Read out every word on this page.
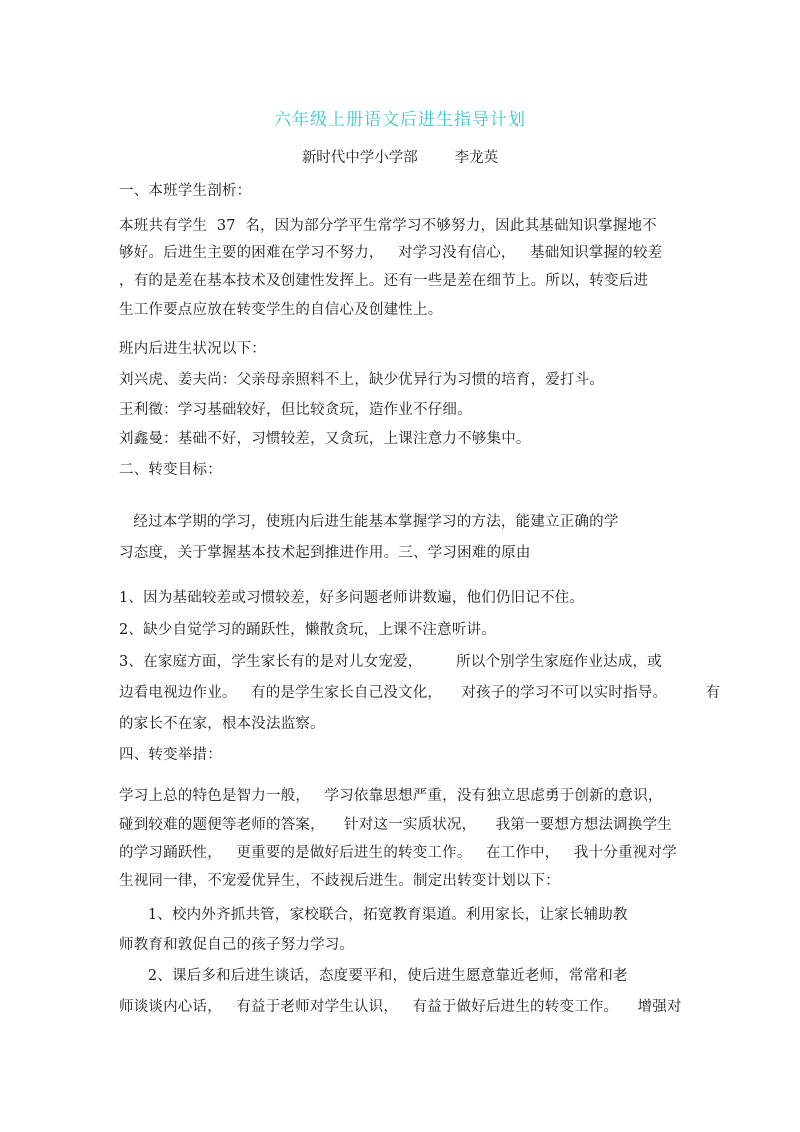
六年级上册语文后进生指导计划
新时代中学小学部        李龙英
一、本班学生剖析：
本班共有学生  37  名，因为部分学平生常学习不够努力，因此其基础知识掌握地不
够好。后进生主要的困难在学习不努力，   对学习没有信心，   基础知识掌握的较差
，有的是差在基本技术及创建性发挥上。还有一些是差在细节上。所以，转变后进
生工作要点应放在转变学生的自信心及创建性上。
班内后进生状况以下：
刘兴虎、姜夫尚：父亲母亲照料不上，缺少优异行为习惯的培育，爱打斗。
王利徵：学习基础较好，但比较贪玩，造作业不仔细。
刘鑫曼：基础不好，习惯较差，又贪玩，上课注意力不够集中。
二、转变目标：
经过本学期的学习，使班内后进生能基本掌握学习的方法，能建立正确的学
习态度，关于掌握基本技术起到推进作用。三、学习困难的原由
1、因为基础较差或习惯较差，好多问题老师讲数遍，他们仍旧记不住。
2、缺少自觉学习的踊跃性，懒散贪玩，上课不注意听讲。
3、在家庭方面，学生家长有的是对儿女宠爱，       所以个别学生家庭作业达成，或
边看电视边作业。   有的是学生家长自己没文化，    对孩子的学习不可以实时指导。        有
的家长不在家，根本没法监察。
四、转变举措：
学习上总的特色是智力一般，   学习依靠思想严重，没有独立思虑勇于创新的意识，
碰到较难的题便等老师的答案，    针对这一实质状况，    我第一要想方想法调换学生
的学习踊跃性，   更重要的是做好后进生的转变工作。   在工作中，   我十分重视对学
生视同一律，不宠爱优异生，不歧视后进生。制定出转变计划以下：
1、校内外齐抓共管，家校联合，拓宽教育渠道。利用家长，让家长辅助教
师教育和敦促自己的孩子努力学习。
2、课后多和后进生谈话，态度要平和，使后进生愿意靠近老师，常常和老
师谈谈内心话，   有益于老师对学生认识，   有益于做好后进生的转变工作。    增强对
